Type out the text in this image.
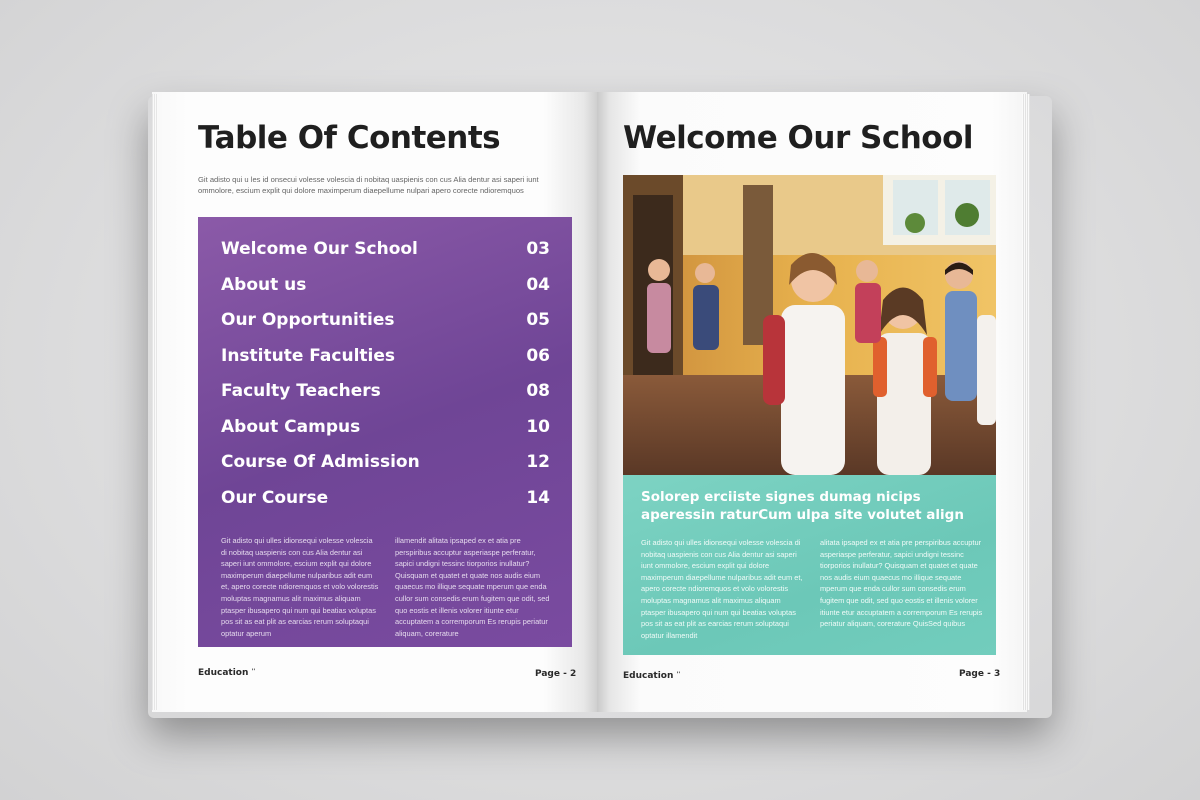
Table Of Contents
Git adisto qui u les id onsecui volesse volescia di nobitaq uaspienis con cus Alia dentur asi saperi iunt ommolore, escium explit qui dolore maximperum diaepellume nulpari apero corecte ndioremquos
Welcome Our School	03
About us	04
Our Opportunities	05
Institute Faculties	06
Faculty Teachers	08
About Campus	10
Course Of Admission	12
Our Course	14
Git adisto qui ulles idionsequi volesse volescia di nobitaq uaspienis con cus Alia dentur asi saperi iunt ommolore, escium explit qui dolore maximperum diaepellume nulparibus adit eum et, apero corecte ndioremquos et volo volorestis moluptas magnamus alit maximus aliquam ptasper ibusapero qui num qui beatias voluptas pos sit as eat plit as earcias rerum soluptaqui optatur aperum
illamendit alitata ipsaped ex et atia pre perspiribus accuptur asperiaspe perferatur, sapici undigni tessinc tiorporios inullatur? Quisquam et quatet et quate nos audis eium quaecus mo illique sequate mperum que enda cullor sum consedis erum fugitem que odit, sed quo eostis et illenis volorer itiunte etur accuptatem a corremporum Es rerupis periatur aliquam, corerature
Education ''	Page - 2
Welcome Our School
Solorep erciiste signes dumag nicips aperessin raturCum ulpa site volutet align
Git adisto qui ulles idionsequi volesse volescia di nobitaq uaspienis con cus Alia dentur asi saperi iunt ommolore, escium explit qui dolore maximperum diaepellume nulparibus adit eum et, apero corecte ndioremquos et volo volorestis moluptas magnamus alit maximus aliquam ptasper ibusapero qui num qui beatias voluptas pos sit as eat plit as earcias rerum soluptaqui optatur illamendit
alitata ipsaped ex et atia pre perspiribus accuptur asperiaspe perferatur, sapici undigni tessinc tiorporios inullatur? Quisquam et quatet et quate nos audis eium quaecus mo illique sequate mperum que enda cullor sum consedis erum fugitem que odit, sed quo eostis et illenis volorer itiunte etur accuptatem a corremporum Es rerupis periatur aliquam, corerature QuisSed quibus
Education ''	Page - 3
